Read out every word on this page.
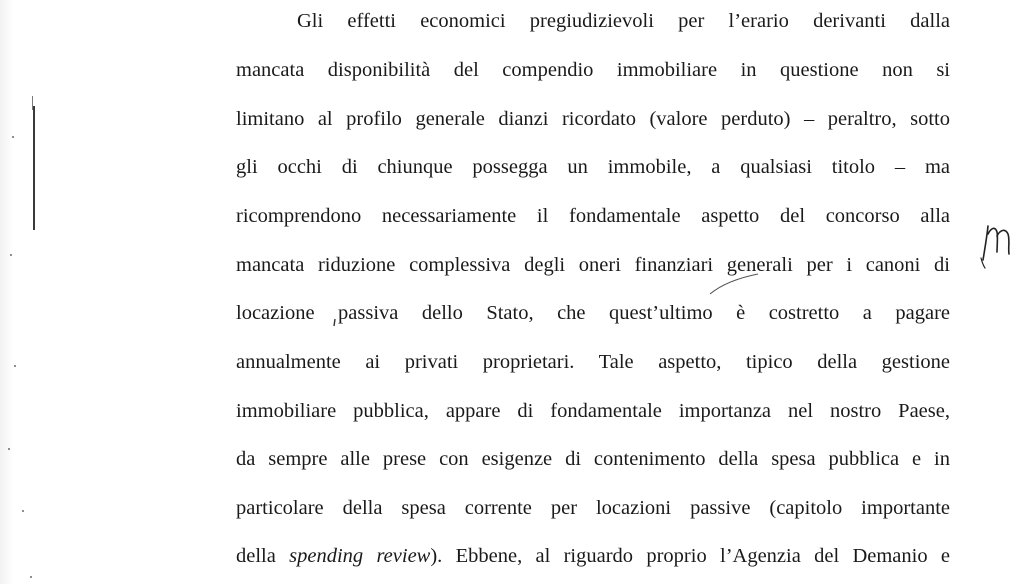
Gli effetti economici pregiudizievoli per l’erario derivanti dalla
mancata disponibilità del compendio immobiliare in questione non si
limitano al profilo generale dianzi ricordato (valore perduto) – peraltro, sotto
gli occhi di chiunque possegga un immobile, a qualsiasi titolo – ma
ricomprendono necessariamente il fondamentale aspetto del concorso alla
mancata riduzione complessiva degli oneri finanziari generali per i canoni di
locazione passiva dello Stato, che quest’ultimo è costretto a pagare
annualmente ai privati proprietari. Tale aspetto, tipico della gestione
immobiliare pubblica, appare di fondamentale importanza nel nostro Paese,
da sempre alle prese con esigenze di contenimento della spesa pubblica e in
particolare della spesa corrente per locazioni passive (capitolo importante
della spending review). Ebbene, al riguardo proprio l’Agenzia del Demanio e
